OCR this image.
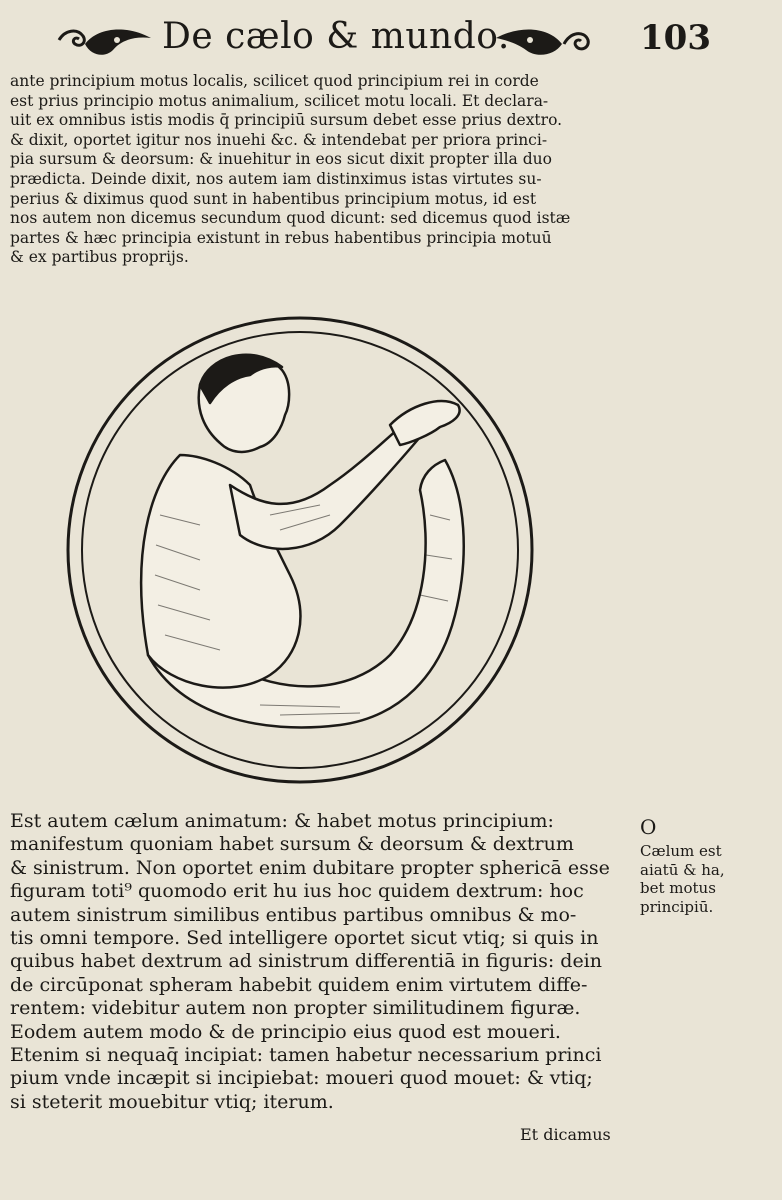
De cælo & mundo.	103
ante principium motus localis, scilicet quod principium rei in corde
est prius principio motus animalium, scilicet motu locali. Et declara-
uit ex omnibus istis modis q̄ principiū sursum debet esse prius dextro.
& dixit, oportet igitur nos inuehi &c. & intendebat per priora princi-
pia sursum & deorsum: & inuehitur in eos sicut dixit propter illa duo
prædicta. Deinde dixit, nos autem iam distinximus istas virtutes su-
perius & diximus quod sunt in habentibus principium motus, id est
nos autem non dicemus secundum quod dicunt: sed dicemus quod istæ
partes & hæc principia existunt in rebus habentibus principia motuū
& ex partibus proprijs.
Est autem cælum animatum: & habet motus principium:
manifestum quoniam habet sursum & deorsum & dextrum
& sinistrum. Non oportet enim dubitare propter sphericā esse
figuram toti⁹ quomodo erit hu ius hoc quidem dextrum: hoc
autem sinistrum similibus entibus partibus omnibus & mo-
tis omni tempore. Sed intelligere oportet sicut vtiq; si quis in
quibus habet dextrum ad sinistrum differentiā in figuris: dein
de circūponat spheram habebit quidem enim virtutem diffe-
rentem: videbitur autem non propter similitudinem figuræ.
Eodem autem modo & de principio eius quod est moueri.
Etenim si nequaq̄ incipiat: tamen habetur necessarium princi
pium vnde incæpit si incipiebat: moueri quod mouet: & vtiq;
si steterit mouebitur vtiq; iterum.
O
Cælum est
aiatū & ha,
bet motus
principiū.
Et dicamus
